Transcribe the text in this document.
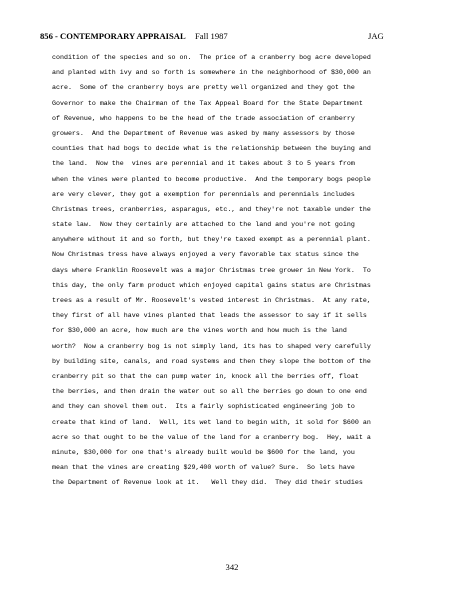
856 - CONTEMPORARY APPRAISAL Fall 1987	JAG
condition of the species and so on.  The price of a cranberry bog acre developed
and planted with ivy and so forth is somewhere in the neighborhood of $30,000 an
acre.  Some of the cranberry boys are pretty well organized and they got the
Governor to make the Chairman of the Tax Appeal Board for the State Department
of Revenue, who happens to be the head of the trade association of cranberry
growers.  And the Department of Revenue was asked by many assessors by those
counties that had bogs to decide what is the relationship between the buying and
the land.  Now the  vines are perennial and it takes about 3 to 5 years from
when the vines were planted to become productive.  And the temporary bogs people
are very clever, they got a exemption for perennials and perennials includes
Christmas trees, cranberries, asparagus, etc., and they're not taxable under the
state law.  Now they certainly are attached to the land and you're not going
anywhere without it and so forth, but they're taxed exempt as a perennial plant.
Now Christmas tress have always enjoyed a very favorable tax status since the
days where Franklin Roosevelt was a major Christmas tree grower in New York.  To
this day, the only farm product which enjoyed capital gains status are Christmas
trees as a result of Mr. Roosevelt's vested interest in Christmas.  At any rate,
they first of all have vines planted that leads the assessor to say if it sells
for $30,000 an acre, how much are the vines worth and how much is the land
worth?  Now a cranberry bog is not simply land, its has to shaped very carefully
by building site, canals, and road systems and then they slope the bottom of the
cranberry pit so that the can pump water in, knock all the berries off, float
the berries, and then drain the water out so all the berries go down to one end
and they can shovel them out.  Its a fairly sophisticated engineering job to
create that kind of land.  Well, its wet land to begin with, it sold for $600 an
acre so that ought to be the value of the land for a cranberry bog.  Hey, wait a
minute, $30,000 for one that's already built would be $600 for the land, you
mean that the vines are creating $29,400 worth of value? Sure.  So lets have
the Department of Revenue look at it.   Well they did.  They did their studies
342
